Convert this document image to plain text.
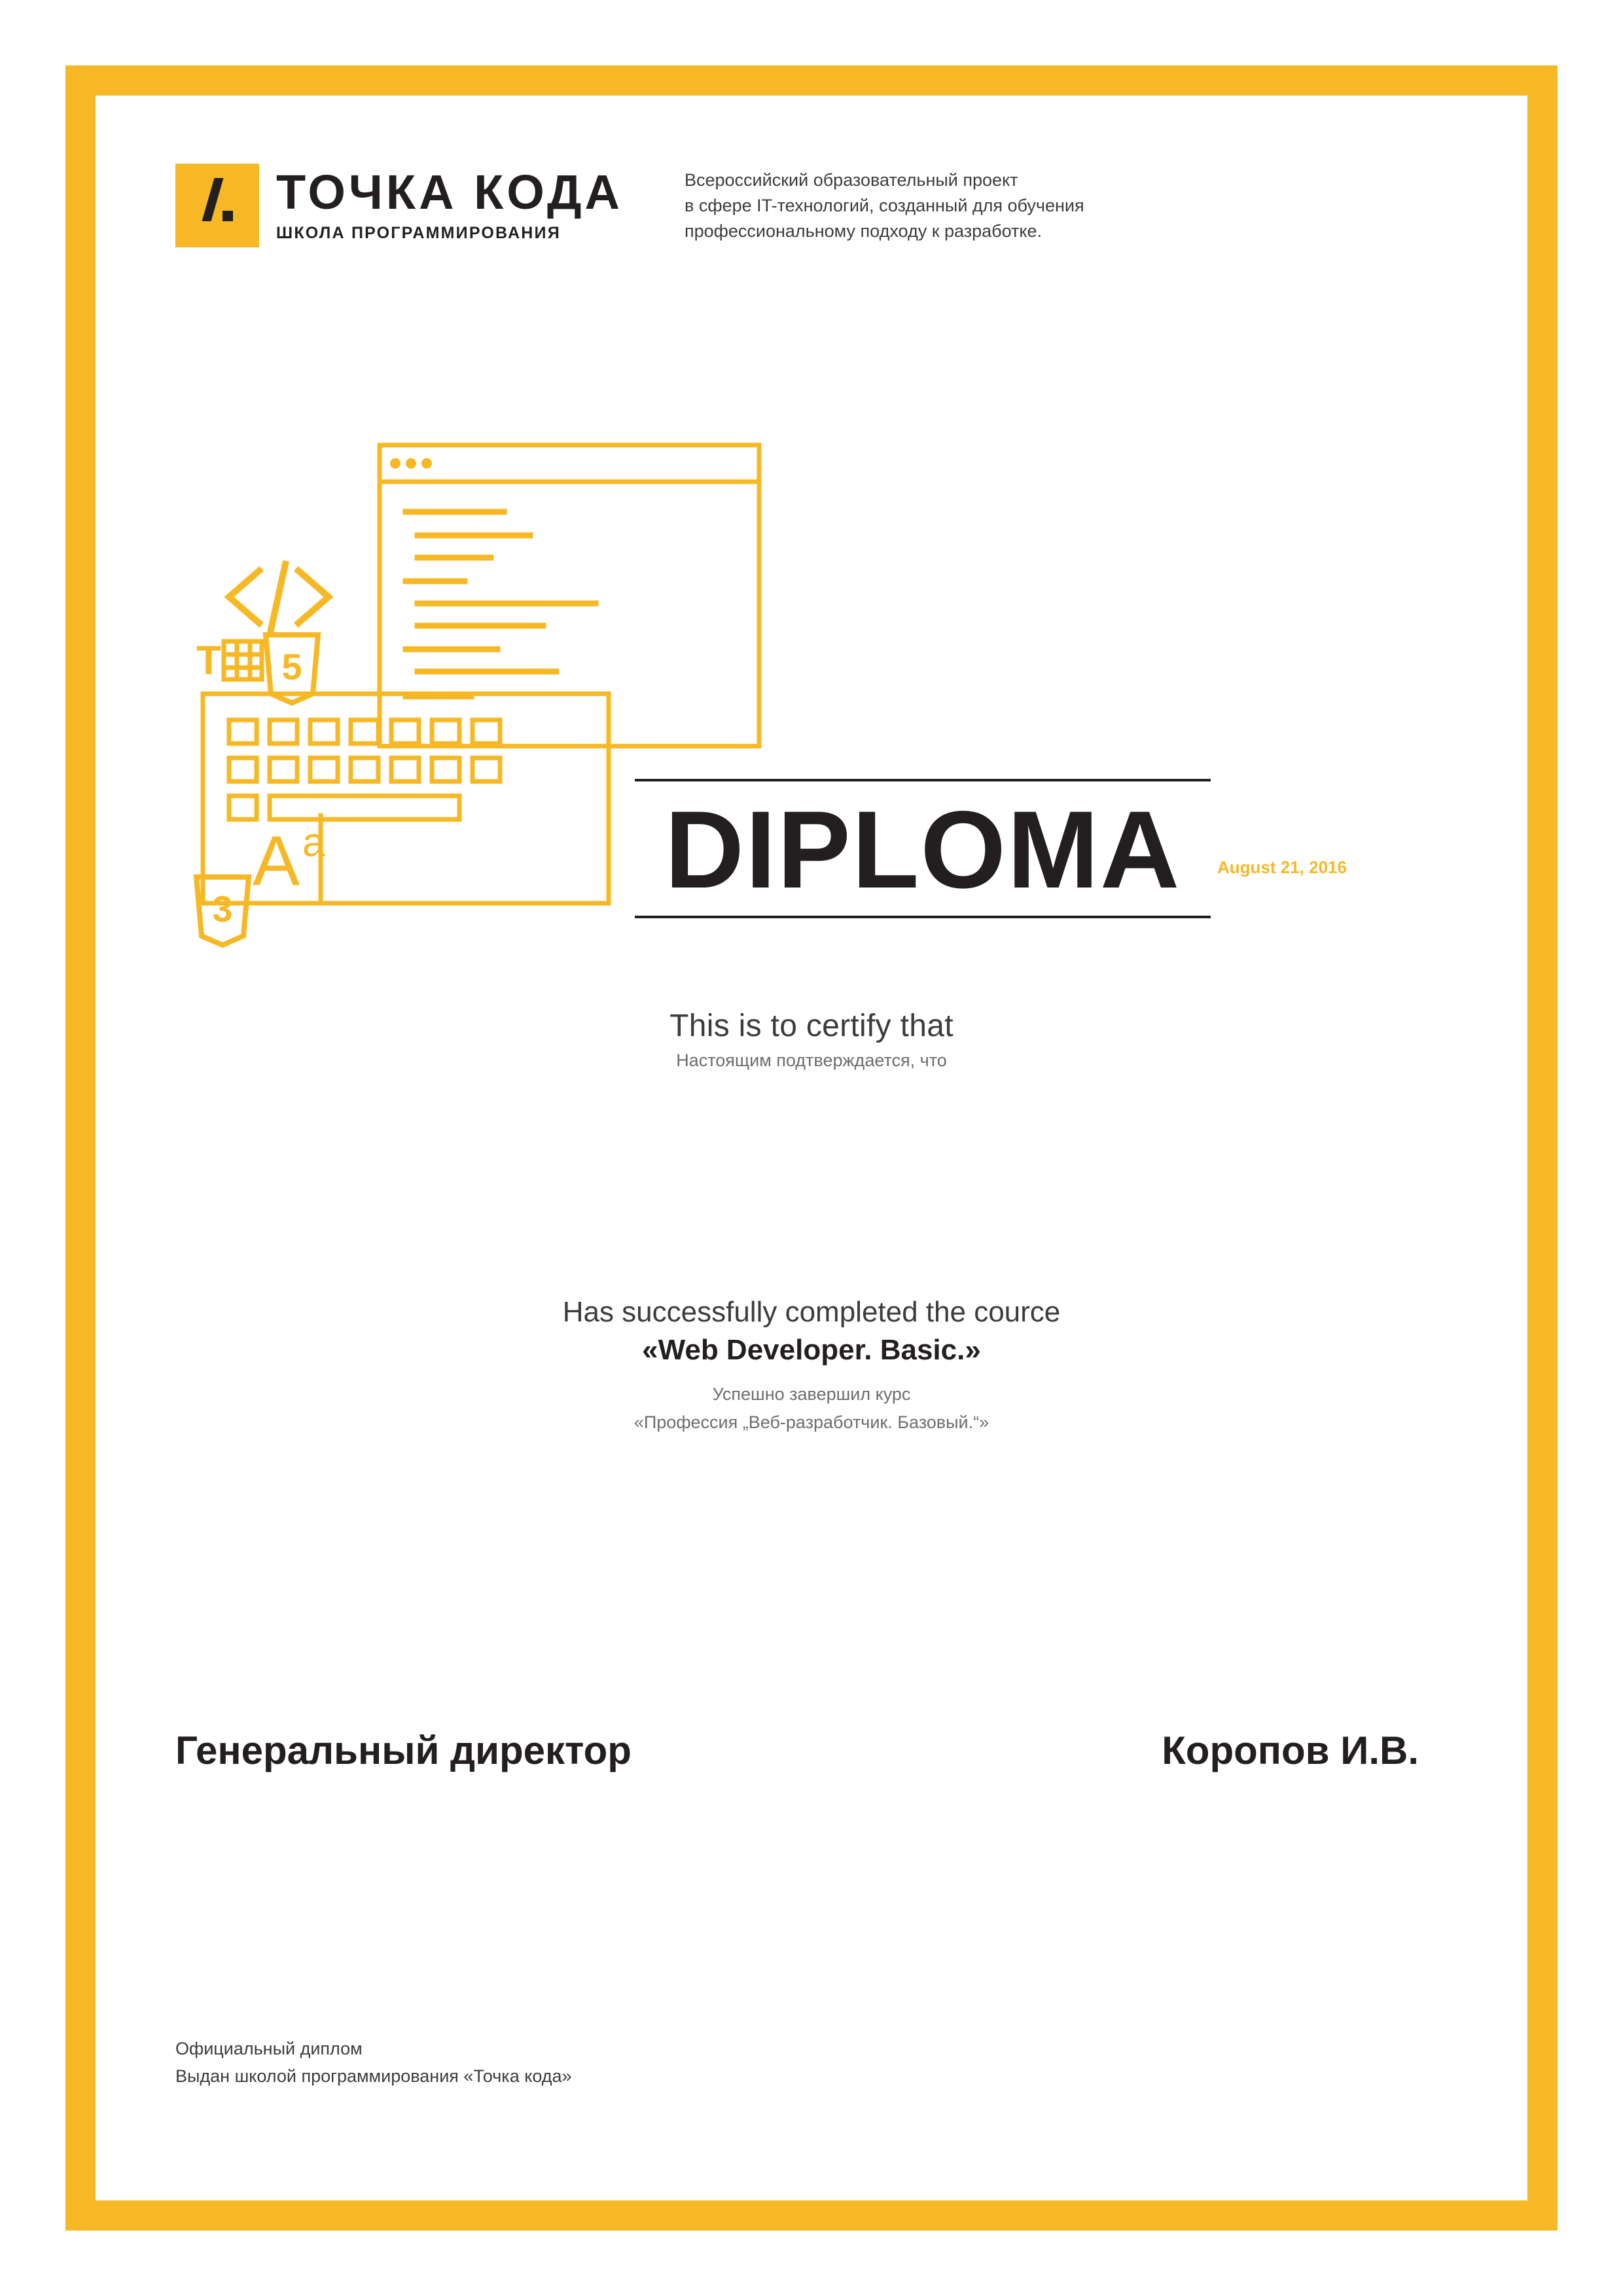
ТОЧКА КОДА
ШКОЛА ПРОГРАММИРОВАНИЯ
Всероссийский образовательный проект
в сфере IT-технологий, созданный для обучения
профессиональному подходу к разработке.
5
3
T
A a	DIPLOMA	August 21, 2016
This is to certify that
Настоящим подтверждается, что
Has successfully completed the cource
«Web Developer. Basic.»
Успешно завершил курс
«Профессия „Веб-разработчик. Базовый.“»
Генеральный директор	Коропов И.В.
Официальный диплом
Выдан школой программирования «Точка кода»
